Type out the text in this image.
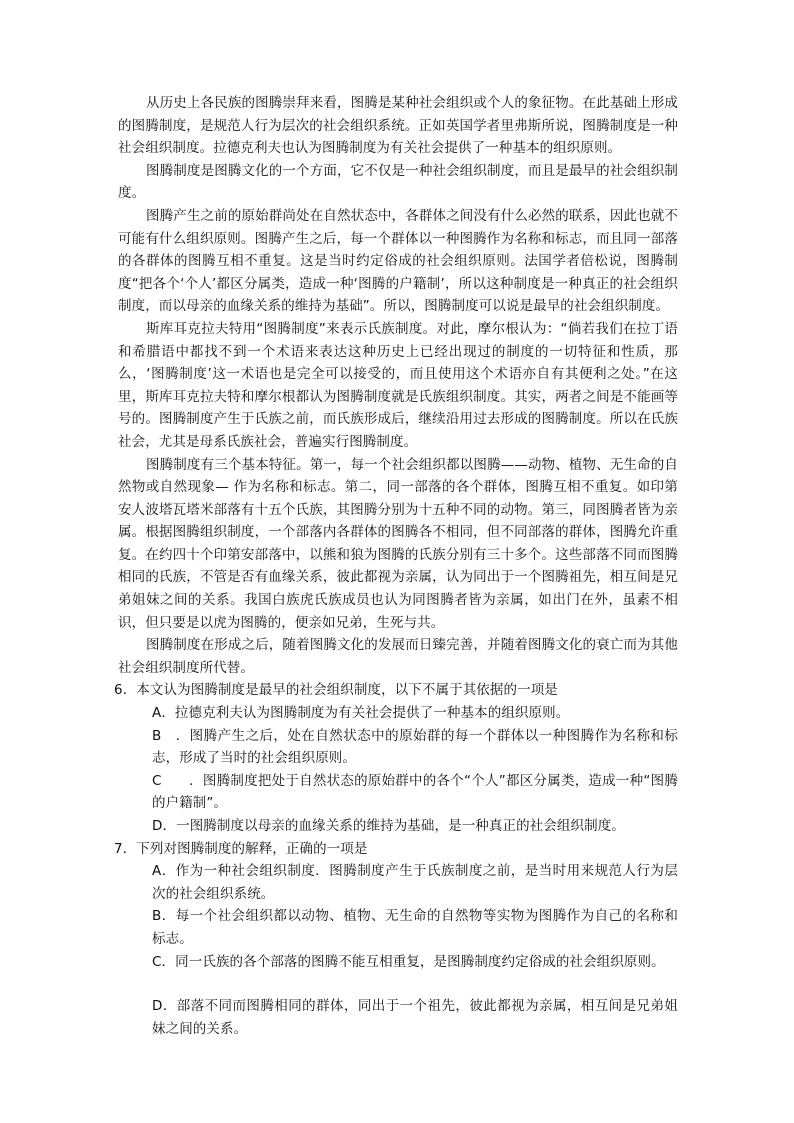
从历史上各民族的图腾崇拜来看，图腾是某种社会组织或个人的象征物。在此基础上形成的图腾制度，是规范人行为层次的社会组织系统。正如英国学者里弗斯所说，图腾制度是一种社会组织制度。拉德克利夫也认为图腾制度为有关社会提供了一种基本的组织原则。

图腾制度是图腾文化的一个方面，它不仅是一种社会组织制度，而且是最早的社会组织制度。

图腾产生之前的原始群尚处在自然状态中，各群体之间没有什么必然的联系，因此也就不可能有什么组织原则。图腾产生之后，每一个群体以一种图腾作为名称和标志，而且同一部落的各群体的图腾互相不重复。这是当时约定俗成的社会组织原则。法国学者倍松说，图腾制度“把各个‘个人’都区分属类，造成一种‘图腾的户籍制’，所以这种制度是一种真正的社会组织制度，而以母亲的血缘关系的维持为基础”。所以，图腾制度可以说是最早的社会组织制度。

斯库耳克拉夫特用“图腾制度”来表示氏族制度。对此，摩尔根认为：“倘若我们在拉丁语和希腊语中都找不到一个术语来表达这种历史上已经出现过的制度的一切特征和性质，那么，‘图腾制度’这一术语也是完全可以接受的，而且使用这个术语亦自有其便利之处。”在这里，斯库耳克拉夫特和摩尔根都认为图腾制度就是氏族组织制度。其实，两者之间是不能画等号的。图腾制度产生于氏族之前，而氏族形成后，继续沿用过去形成的图腾制度。所以在氏族社会，尤其是母系氏族社会，普遍实行图腾制度。

图腾制度有三个基本特征。第一，每一个社会组织都以图腾——动物、植物、无生命的自然物或自然现象— 作为名称和标志。第二，同一部落的各个群体，图腾互相不重复。如印第安人波塔瓦塔米部落有十五个氏族，其图腾分别为十五种不同的动物。第三，同图腾者皆为亲属。根据图腾组织制度，一个部落内各群体的图腾各不相同，但不同部落的群体，图腾允许重复。在约四十个印第安部落中，以熊和狼为图腾的氏族分别有三十多个。这些部落不同而图腾相同的氏族，不管是否有血缘关系，彼此都视为亲属，认为同出于一个图腾祖先，相互间是兄弟姐妹之间的关系。我国白族虎氏族成员也认为同图腾者皆为亲属，如出门在外，虽素不相识，但只要是以虎为图腾的，便亲如兄弟，生死与共。

图腾制度在形成之后，随着图腾文化的发展而日臻完善，并随着图腾文化的衰亡而为其他社会组织制度所代替。

6．本文认为图腾制度是最早的社会组织制度，以下不属于其依据的一项是

A．拉德克利夫认为图腾制度为有关社会提供了一种基本的组织原则。

B　．图腾产生之后，处在自然状态中的原始群的每一个群体以一种图腾作为名称和标志，形成了当时的社会组织原则。

C　　．图腾制度把处于自然状态的原始群中的各个“个人”都区分属类，造成一种“图腾的户籍制”。

D．一图腾制度以母亲的血缘关系的维持为基础，是一种真正的社会组织制度。

7．下列对图腾制度的解释，正确的一项是

A．作为一种社会组织制度．图腾制度产生于氏族制度之前，是当时用来规范人行为层次的社会组织系统。

B．每一个社会组织都以动物、植物、无生命的自然物等实物为图腾作为自己的名称和标志。

C．同一氏族的各个部落的图腾不能互相重复，是图腾制度约定俗成的社会组织原则。

D．部落不同而图腾相同的群体，同出于一个祖先，彼此都视为亲属，相互间是兄弟姐妹之间的关系。
